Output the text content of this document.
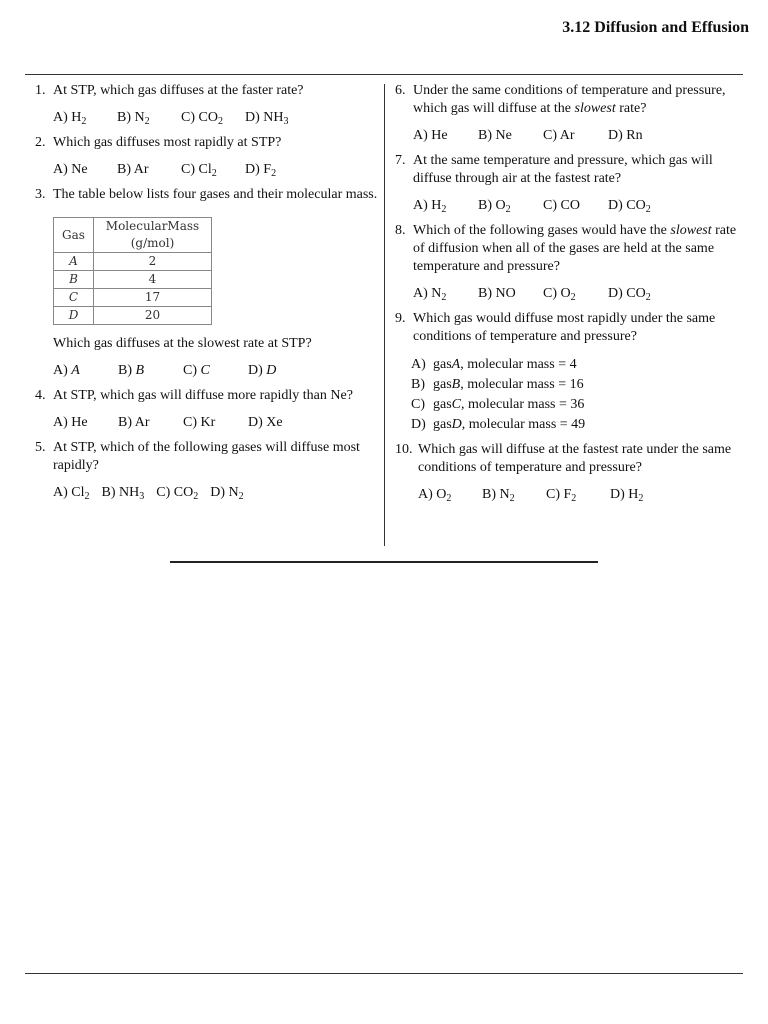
3.12 Diffusion and Effusion
1. At STP, which gas diffuses at the faster rate?
A) $H_2$	B) $N_2$	C) $CO_2$	D) $NH_3$
2. Which gas diffuses most rapidly at STP?
A) Ne	B) Ar	C) $Cl_2$	D) $F_2$
3. The table below lists four gases and their molecular mass.
Gas	MolecularMass
(g/mol)
A	2
B	4
C	17
D	20
Which gas diffuses at the slowest rate at STP?
A) A	B) B	C) C	D) D
4. At STP, which gas will diffuse more rapidly than Ne?
A) He	B) Ar	C) Kr	D) Xe
5. At STP, which of the following gases will diffuse most rapidly?
A) $Cl_2$ B) $NH_3$ C) $CO_2$ D) $N_2$
6. Under the same conditions of temperature and pressure, which gas will diffuse at the slowest rate?
A) He	B) Ne	C) Ar	D) Rn
7. At the same temperature and pressure, which gas will diffuse through air at the fastest rate?
A) $H_2$	B) $O_2$	C) CO	D) $CO_2$
8. Which of the following gases would have the slowest rate of diffusion when all of the gases are held at the same temperature and pressure?
A) $N_2$	B) NO	C) $O_2$	D) $CO_2$
9. Which gas would diffuse most rapidly under the same conditions of temperature and pressure?
A) gas A , molecular mass = 4
B) gas B , molecular mass = 16
C) gas C , molecular mass = 36
D) gas D , molecular mass = 49
10. Which gas will diffuse at the fastest rate under the same conditions of temperature and pressure?
A) $O_2$	B) $N_2$	C) $F_2$	D) $H_2$
